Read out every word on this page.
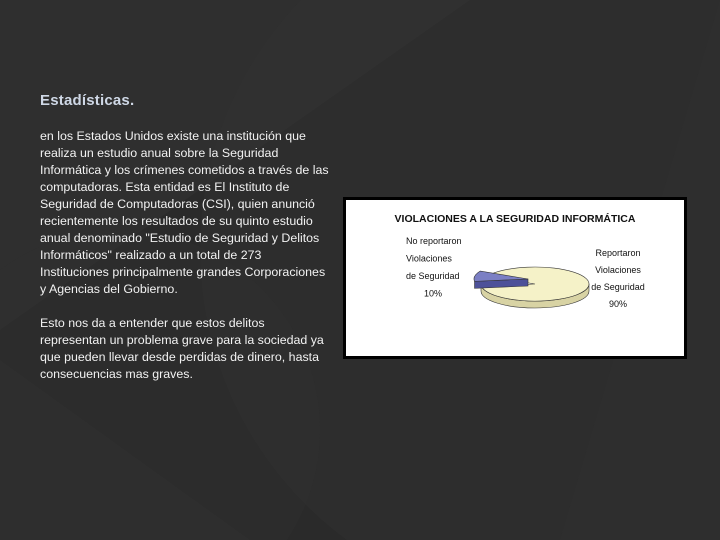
Estadísticas.

en los Estados Unidos existe una institución que realiza un estudio anual sobre la Seguridad Informática y los crímenes cometidos a través de las computadoras. Esta entidad es El Instituto de Seguridad de Computadoras (CSI), quien anunció recientemente los resultados de su quinto estudio anual denominado "Estudio de Seguridad y Delitos Informáticos" realizado a un total de 273 Instituciones principalmente grandes Corporaciones y Agencias del Gobierno.

Esto nos da a entender que estos delitos representan un problema grave para la sociedad ya que pueden llevar desde perdidas de dinero, hasta consecuencias mas graves.

VIOLACIONES A LA SEGURIDAD INFORMÁTICA
No reportaron
Violaciones
de Seguridad
10%
Reportaron
Violaciones
de Seguridad
90%
